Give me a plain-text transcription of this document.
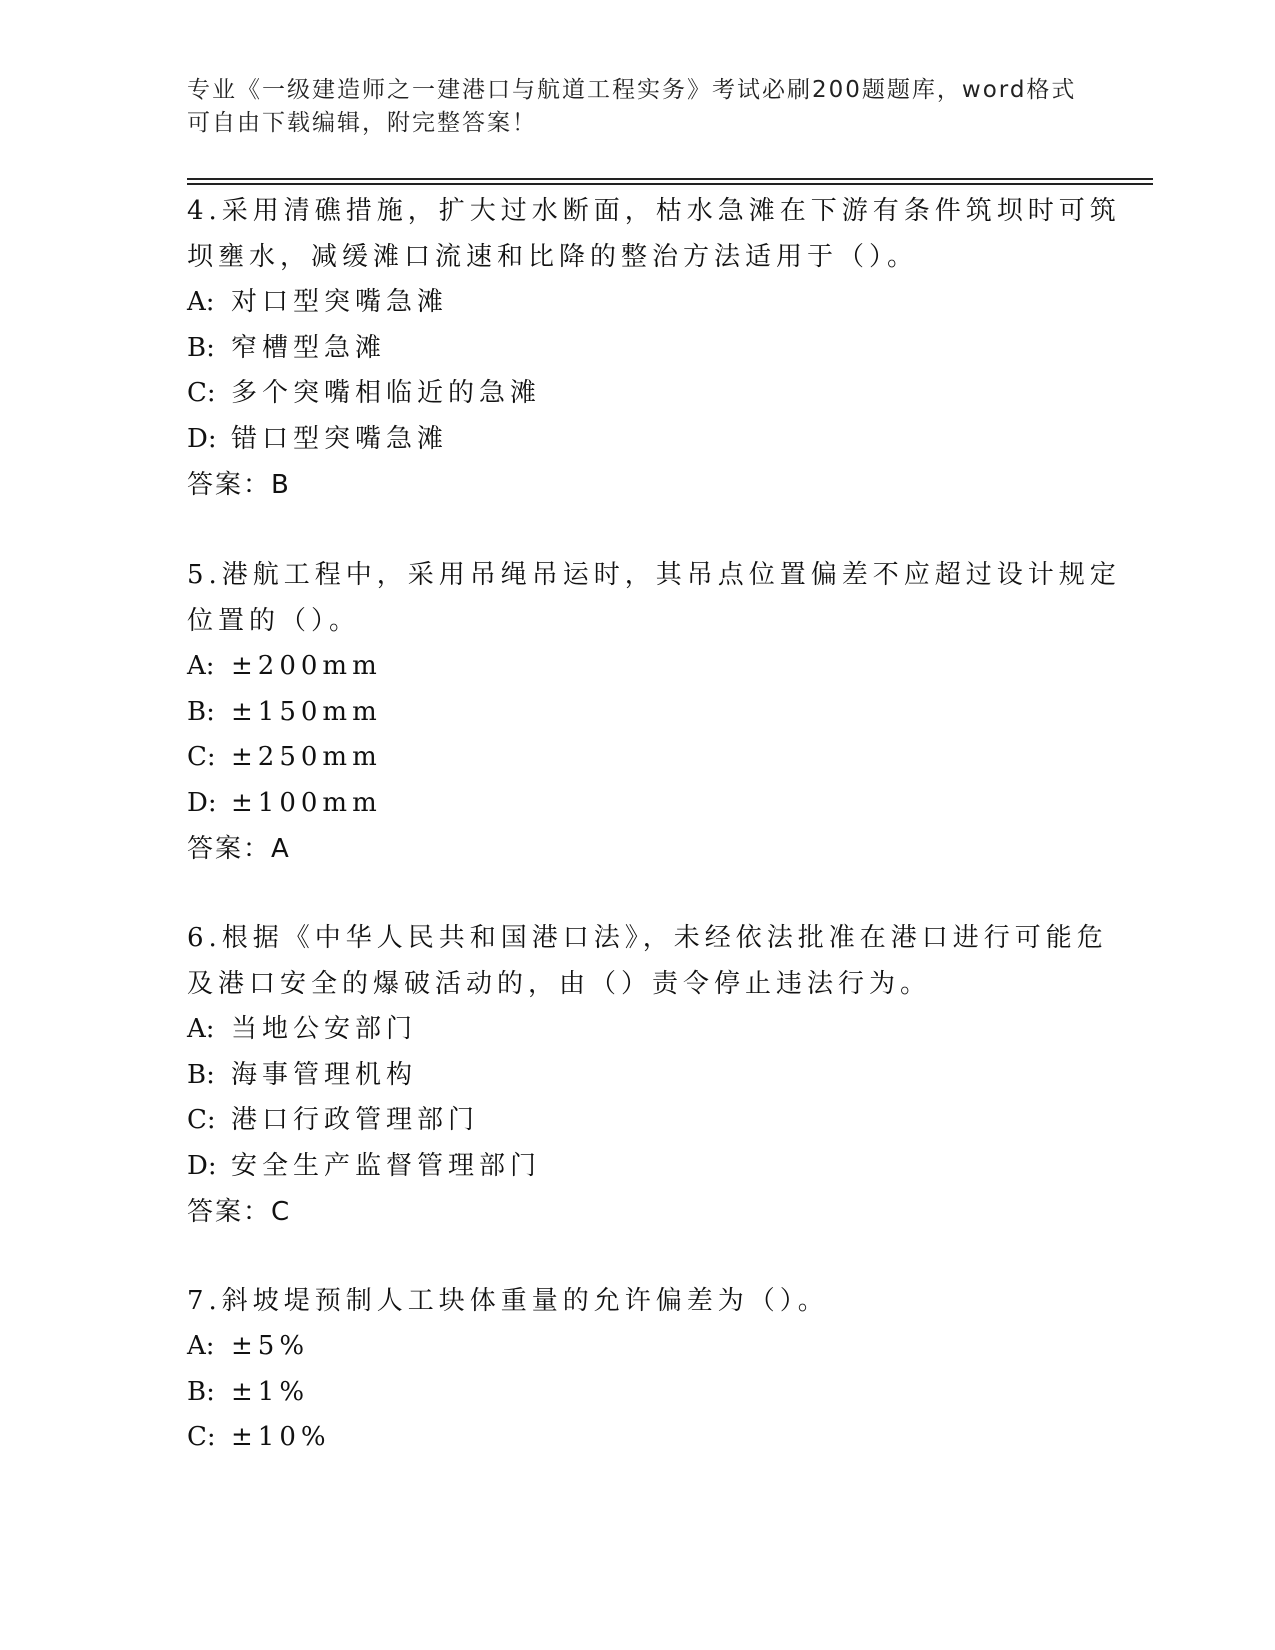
专业《一级建造师之一建港口与航道工程实务》考试必刷200题题库，word格式
可自由下载编辑，附完整答案！
4.采用清礁措施，扩大过水断面，枯水急滩在下游有条件筑坝时可筑
坝壅水，减缓滩口流速和比降的整治方法适用于（）。
A: 对口型突嘴急滩
B: 窄槽型急滩
C: 多个突嘴相临近的急滩
D: 错口型突嘴急滩
答案：B
5.港航工程中，采用吊绳吊运时，其吊点位置偏差不应超过设计规定
位置的（）。
A: ±200mm
B: ±150mm
C: ±250mm
D: ±100mm
答案：A
6.根据《中华人民共和国港口法》，未经依法批准在港口进行可能危
及港口安全的爆破活动的，由（）责令停止违法行为。
A: 当地公安部门
B: 海事管理机构
C: 港口行政管理部门
D: 安全生产监督管理部门
答案：C
7.斜坡堤预制人工块体重量的允许偏差为（）。
A: ±5%
B: ±1%
C: ±10%
